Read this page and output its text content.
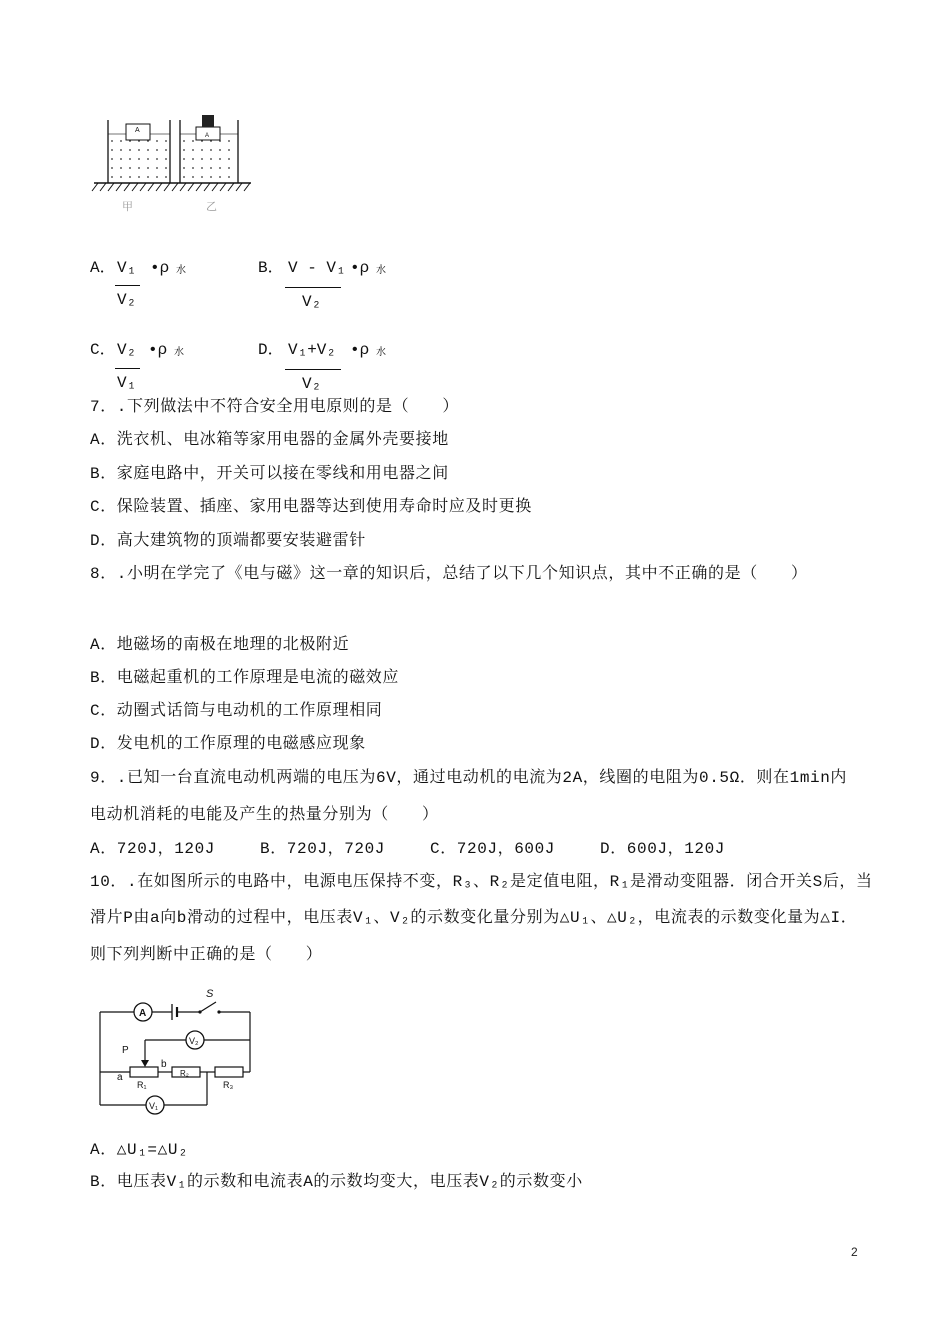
A
A
甲	乙
A． V₁
V₂
•ρ 水	B． V - V₁
V₂
•ρ 水
C． V₂
V₁
•ρ 水	D． V₁+V₂
V₂
•ρ 水
7．.下列做法中不符合安全用电原则的是（　　）
A．洗衣机、电冰箱等家用电器的金属外壳要接地
B．家庭电路中，开关可以接在零线和用电器之间
C．保险装置、插座、家用电器等达到使用寿命时应及时更换
D．高大建筑物的顶端都要安装避雷针
8．.小明在学完了《电与磁》这一章的知识后，总结了以下几个知识点，其中不正确的是（　　）
A．地磁场的南极在地理的北极附近
B．电磁起重机的工作原理是电流的磁效应
C．动圈式话筒与电动机的工作原理相同
D．发电机的工作原理的电磁感应现象
9．.已知一台直流电动机两端的电压为6V，通过电动机的电流为2A，线圈的电阻为0.5Ω．则在1min内
电动机消耗的电能及产生的热量分别为（　　）
A．720J，120J	B．720J，720J	C．720J，600J	D．600J，120J
10．.在如图所示的电路中，电源电压保持不变，R₃、R₂是定值电阻，R₁是滑动变阻器．闭合开关S后，当
滑片P由a向b滑动的过程中，电压表V₁、V₂的示数变化量分别为△U₁、△U₂，电流表的示数变化量为△I．
则下列判断中正确的是（　　）
A
S
V₂
P
R₁
a
b
R₂
R₃
V₁
A．△U₁=△U₂
B．电压表V₁的示数和电流表A的示数均变大，电压表V₂的示数变小
2
